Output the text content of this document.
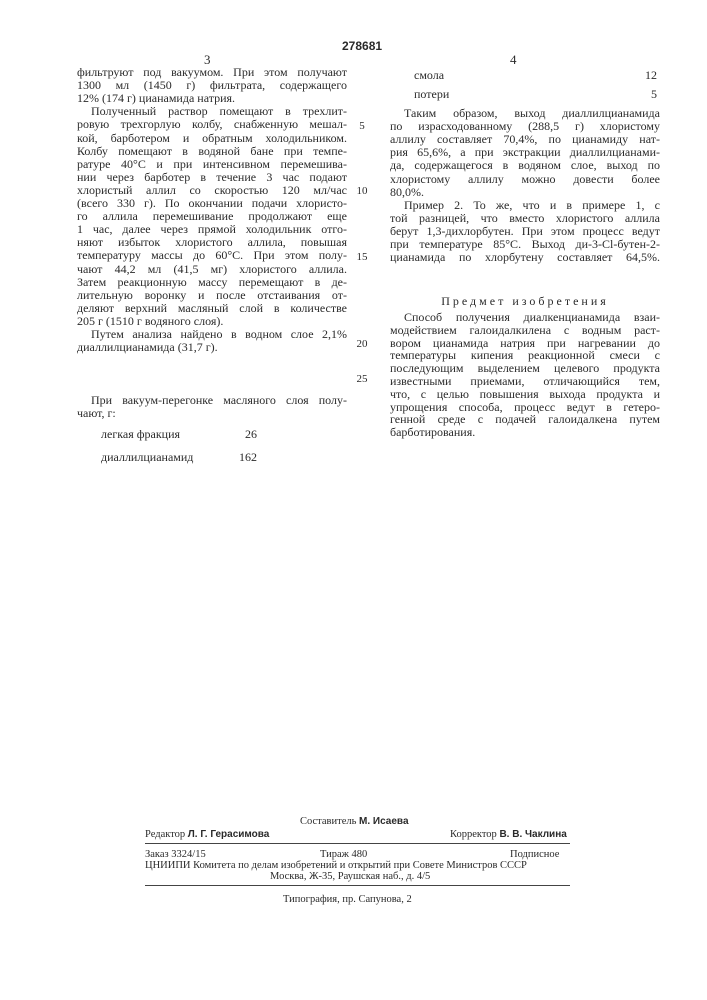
3
278681
4
фильтруют под вакуумом. При этом получают
1300 мл (1450 г) фильтрата, содержащего
12% (174 г) цианамида натрия.
Полученный раствор помещают в трехлит-
ровую трехгорлую колбу, снабженную мешал-
кой, барботером и обратным холодильником.
Колбу помещают в водяной бане при темпе-
ратуре 40°C и при интенсивном перемешива-
нии через барботер в течение 3 час подают
хлористый аллил со скоростью 120 мл/час
(всего 330 г). По окончании подачи хлористо-
го аллила перемешивание продолжают еще
1 час, далее через прямой холодильник отго-
няют избыток хлористого аллила, повышая
температуру массы до 60°C. При этом полу-
чают 44,2 мл (41,5 мг) хлористого аллила.
Затем реакционную массу перемещают в де-
лительную воронку и после отстаивания от-
деляют верхний масляный слой в количестве
205 г (1510 г водяного слоя).
Путем анализа найдено в водном слое 2,1%
диаллилцианамида (31,7 г).
При вакуум-перегонке масляного слоя полу-
чают, г:
легкая фракция	26
диаллилцианамид	162
смола	12
потери	5
Таким образом, выход диаллилцианамида
по израсходованному (288,5 г) хлористому
аллилу составляет 70,4%, по цианамиду нат-
рия 65,6%, а при экстракции диаллилцианами-
да, содержащегося в водяном слое, выход по
хлористому аллилу можно довести более
80,0%.
Пример 2. То же, что и в примере 1, с
той разницей, что вместо хлористого аллила
берут 1,3-дихлорбутен. При этом процесс ведут
при температуре 85°C. Выход ди-3-Cl-бутен-2-
цианамида по хлорбутену составляет 64,5%.
Предмет изобретения
Способ получения диалкенцианамида взаи-
модействием галоидалкилена с водным раст-
вором цианамида натрия при нагревании до
температуры кипения реакционной смеси с
последующим выделением целевого продукта
известными приемами, отличающийся тем,
что, с целью повышения выхода продукта и
упрощения способа, процесс ведут в гетеро-
генной среде с подачей галоидалкена путем
барботирования.
5
10
15
20
25
Составитель М. Исаева
Редактор Л. Г. Герасимова	Корректор В. В. Чаклина
Заказ 3324/15	Тираж 480	Подписное
ЦНИИПИ Комитета по делам изобретений и открытий при Совете Министров СССР
Москва, Ж-35, Раушская наб., д. 4/5
Типография, пр. Сапунова, 2
